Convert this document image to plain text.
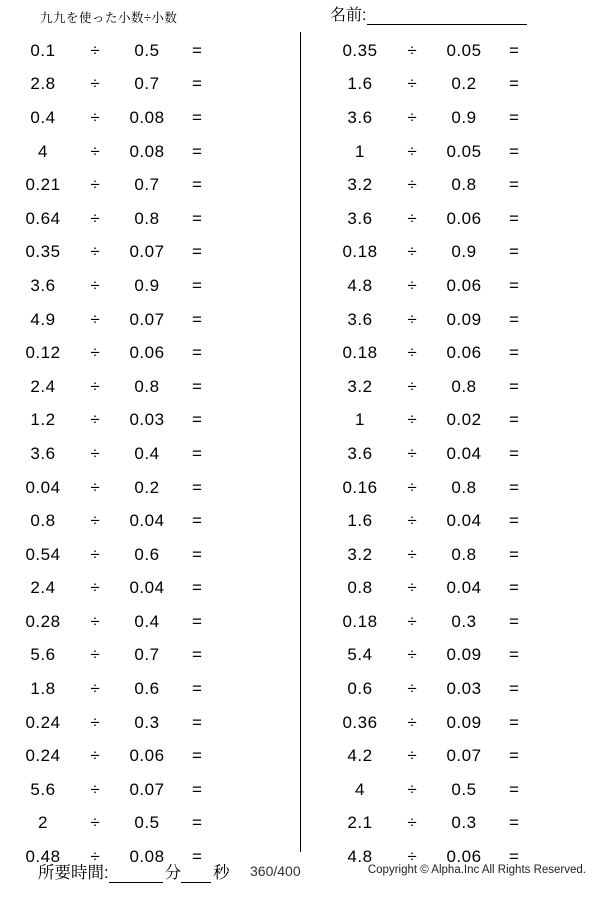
九九を使った小数÷小数	名前:
0.1	÷	0.5	=
2.8	÷	0.7	=
0.4	÷	0.08	=
4	÷	0.08	=
0.21	÷	0.7	=
0.64	÷	0.8	=
0.35	÷	0.07	=
3.6	÷	0.9	=
4.9	÷	0.07	=
0.12	÷	0.06	=
2.4	÷	0.8	=
1.2	÷	0.03	=
3.6	÷	0.4	=
0.04	÷	0.2	=
0.8	÷	0.04	=
0.54	÷	0.6	=
2.4	÷	0.04	=
0.28	÷	0.4	=
5.6	÷	0.7	=
1.8	÷	0.6	=
0.24	÷	0.3	=
0.24	÷	0.06	=
5.6	÷	0.07	=
2	÷	0.5	=
0.48	÷	0.08	=
0.35	÷	0.05	=
1.6	÷	0.2	=
3.6	÷	0.9	=
1	÷	0.05	=
3.2	÷	0.8	=
3.6	÷	0.06	=
0.18	÷	0.9	=
4.8	÷	0.06	=
3.6	÷	0.09	=
0.18	÷	0.06	=
3.2	÷	0.8	=
1	÷	0.02	=
3.6	÷	0.04	=
0.16	÷	0.8	=
1.6	÷	0.04	=
3.2	÷	0.8	=
0.8	÷	0.04	=
0.18	÷	0.3	=
5.4	÷	0.09	=
0.6	÷	0.03	=
0.36	÷	0.09	=
4.2	÷	0.07	=
4	÷	0.5	=
2.1	÷	0.3	=
4.8	÷	0.06	=
所要時間:	分 秒 360/400	Copyright © Alpha.Inc All Rights Reserved.
